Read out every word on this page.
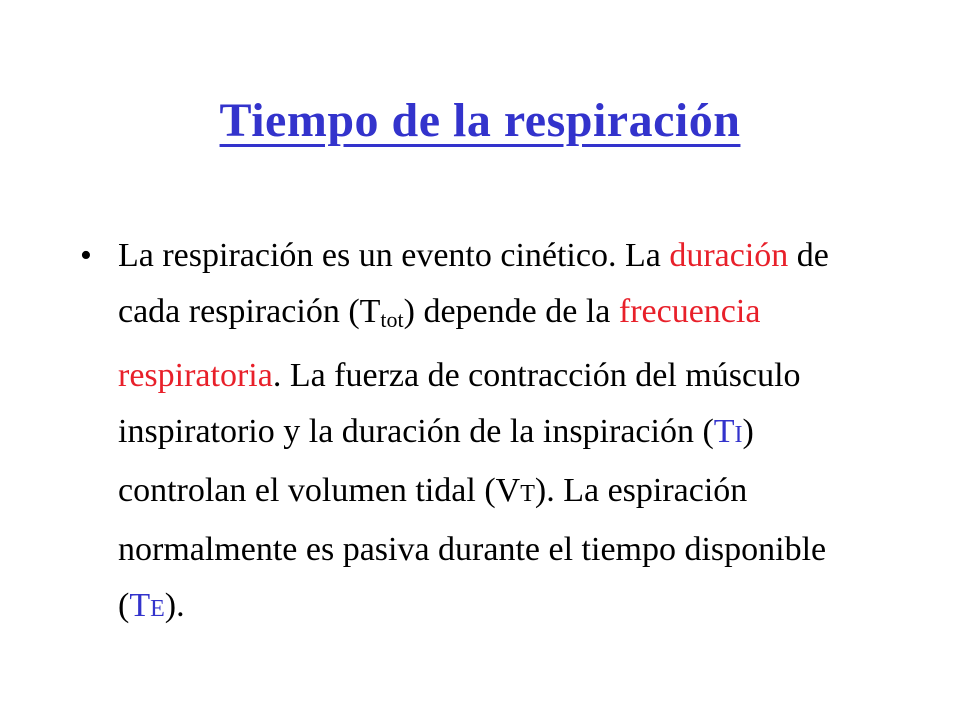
Tiempo de la respiración
• La respiración es un evento cinético. La duración de cada respiración $(T_{tot})$ depende de la frecuencia respiratoria. La fuerza de contracción del músculo inspiratorio y la duración de la inspiración (TI) controlan el volumen tidal (VT). La espiración normalmente es pasiva durante el tiempo disponible (TE).
